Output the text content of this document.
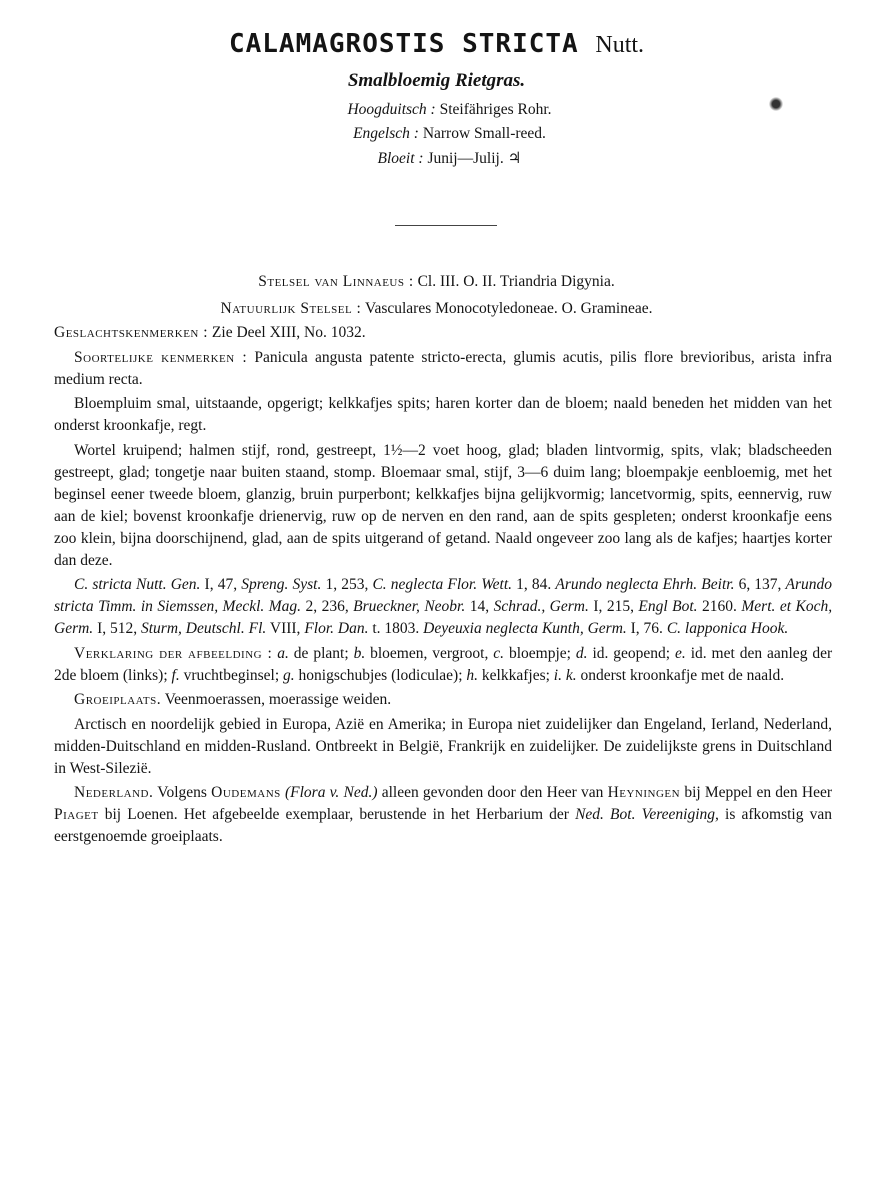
CALAMAGROSTIS STRICTA Nutt.
Smalbloemig Rietgras.
Hoogduitsch : Steifähriges Rohr.
Engelsch : Narrow Small-reed.
Bloeit : Junij—Julij. ♃
Stelsel van Linnaeus : Cl. III. O. II. Triandria Digynia.
Natuurlijk Stelsel : Vasculares Monocotyledoneae. O. Gramineae.
Geslachtskenmerken : Zie Deel XIII, No. 1032.

Soortelijke kenmerken : Panicula angusta patente stricto-erecta, glumis acutis, pilis flore brevioribus, arista infra medium recta.

Bloempluim smal, uitstaande, opgerigt; kelkkafjes spits; haren korter dan de bloem; naald beneden het midden van het onderst kroonkafje, regt.

Wortel kruipend; halmen stijf, rond, gestreept, 1½—2 voet hoog, glad; bladen lintvormig, spits, vlak; bladscheeden gestreept, glad; tongetje naar buiten staand, stomp. Bloemaar smal, stijf, 3—6 duim lang; bloempakje eenbloemig, met het beginsel eener tweede bloem, glanzig, bruin purperbont; kelkkafjes bijna gelijkvormig; lancetvormig, spits, eennervig, ruw aan de kiel; bovenst kroonkafje drienervig, ruw op de nerven en den rand, aan de spits gespleten; onderst kroonkafje eens zoo klein, bijna doorschijnend, glad, aan de spits uitgerand of getand. Naald ongeveer zoo lang als de kafjes; haartjes korter dan deze.

C. stricta Nutt. Gen. I, 47, Spreng. Syst. 1, 253, C. neglecta Flor. Wett. 1, 84. Arundo neglecta Ehrh. Beitr. 6, 137, Arundo stricta Timm. in Siemssen, Meckl. Mag. 2, 236, Brueckner, Neobr. 14, Schrad., Germ. I, 215, Engl Bot. 2160. Mert. et Koch, Germ. I, 512, Sturm, Deutschl. Fl. VIII, Flor. Dan. t. 1803. Deyeuxia neglecta Kunth, Germ. I, 76. C. lapponica Hook.

Verklaring der afbeelding : a. de plant; b. bloemen, vergroot, c. bloempje; d. id. geopend; e. id. met den aanleg der 2de bloem (links); f. vruchtbeginsel; g. honigschubjes (lodiculae); h. kelkkafjes; i. k. onderst kroonkafje met de naald.

Groeiplaats. Veenmoerassen, moerassige weiden.

Arctisch en noordelijk gebied in Europa, Azië en Amerika; in Europa niet zuidelijker dan Engeland, Ierland, Nederland, midden-Duitschland en midden-Rusland. Ontbreekt in België, Frankrijk en zuidelijker. De zuidelijkste grens in Duitschland in West-Silezië.

Nederland. Volgens Oudemans (Flora v. Ned.) alleen gevonden door den Heer van Heyningen bij Meppel en den Heer Piaget bij Loenen. Het afgebeelde exemplaar, berustende in het Herbarium der Ned. Bot. Vereeniging, is afkomstig van eerstgenoemde groeiplaats.
